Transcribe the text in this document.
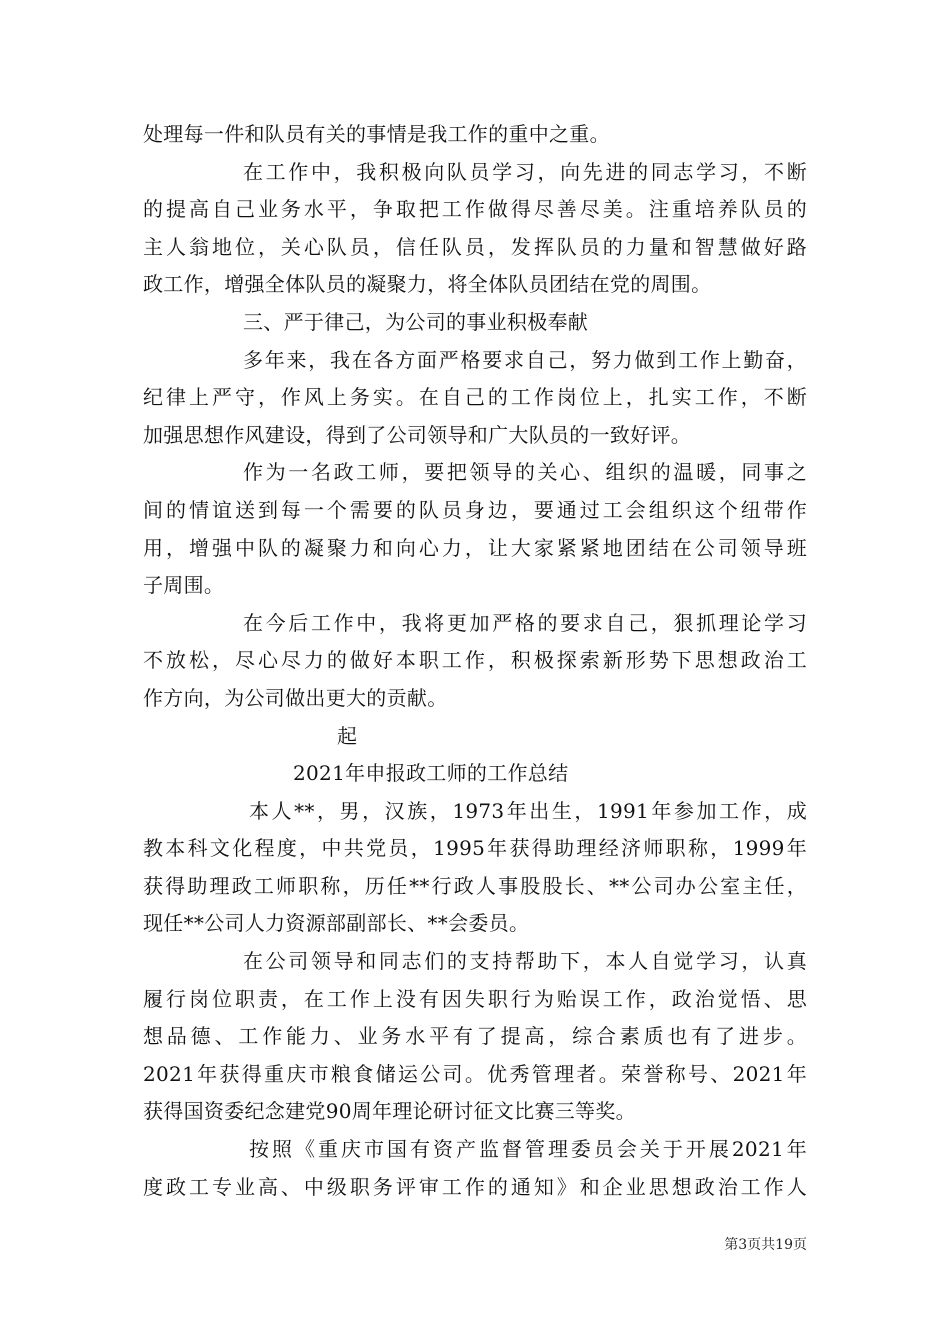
处理每一件和队员有关的事情是我工作的重中之重。
在工作中，我积极向队员学习，向先进的同志学习，不断
的提高自己业务水平，争取把工作做得尽善尽美。注重培养队员的
主人翁地位，关心队员，信任队员，发挥队员的力量和智慧做好路
政工作，增强全体队员的凝聚力，将全体队员团结在党的周围。
三、严于律己，为公司的事业积极奉献
多年来，我在各方面严格要求自己，努力做到工作上勤奋，
纪律上严守，作风上务实。在自己的工作岗位上，扎实工作，不断
加强思想作风建设，得到了公司领导和广大队员的一致好评。
作为一名政工师，要把领导的关心、组织的温暖，同事之
间的情谊送到每一个需要的队员身边，要通过工会组织这个纽带作
用，增强中队的凝聚力和向心力，让大家紧紧地团结在公司领导班
子周围。
在今后工作中，我将更加严格的要求自己，狠抓理论学习
不放松，尽心尽力的做好本职工作，积极探索新形势下思想政治工
作方向，为公司做出更大的贡献。
起
2021年申报政工师的工作总结
本人**，男，汉族，1973年出生，1991年参加工作，成
教本科文化程度，中共党员，1995年获得助理经济师职称，1999年
获得助理政工师职称，历任**行政人事股股长、**公司办公室主任，
现任**公司人力资源部副部长、**会委员。
在公司领导和同志们的支持帮助下，本人自觉学习，认真
履行岗位职责，在工作上没有因失职行为贻误工作，政治觉悟、思
想品德、工作能力、业务水平有了提高，综合素质也有了进步。
2021年获得重庆市粮食储运公司。优秀管理者。荣誉称号、2021年
获得国资委纪念建党90周年理论研讨征文比赛三等奖。
按照《重庆市国有资产监督管理委员会关于开展2021年
度政工专业高、中级职务评审工作的通知》和企业思想政治工作人
第3页共19页
